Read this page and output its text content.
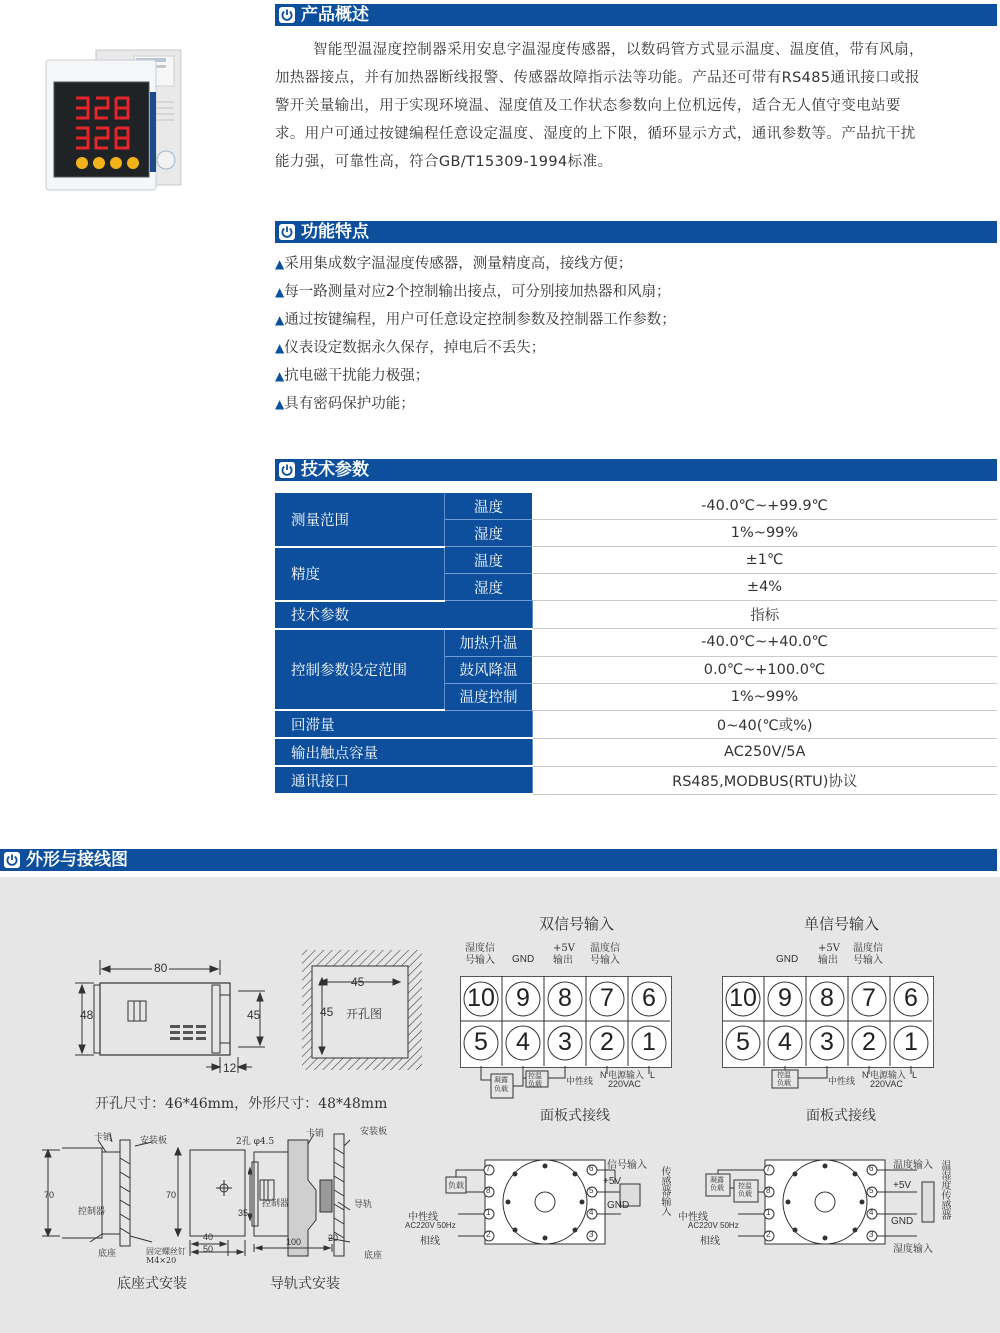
产品概述
智能型温湿度控制器采用安息字温湿度传感器，以数码管方式显示温度、温度值，带有风扇，
加热器接点，并有加热器断线报警、传感器故障指示法等功能。产品还可带有RS485通讯接口或报
警开关量输出，用于实现环境温、湿度值及工作状态参数向上位机远传，适合无人值守变电站要
求。用户可通过按键编程任意设定温度、湿度的上下限，循环显示方式，通讯参数等。产品抗干扰
能力强，可靠性高，符合GB/T15309-1994标准。
功能特点
▲采用集成数字温湿度传感器，测量精度高，接线方便；
▲每一路测量对应2个控制输出接点，可分别接加热器和风扇；
▲通过按键编程，用户可任意设定控制参数及控制器工作参数；
▲仪表设定数据永久保存，掉电后不丢失；
▲抗电磁干扰能力极强；
▲具有密码保护功能；
技术参数
测量范围	温度	-40.0℃~+99.9℃
	湿度	1%~99%
精度	温度	±1℃
	湿度	±4%
技术参数		指标
控制参数设定范围	加热升温	-40.0℃~+40.0℃
	鼓风降温	0.0℃~+100.0℃
	温度控制	1%~99%
回滞量		0~40(℃或%)
输出触点容量		AC250V/5A
通讯接口		RS485,MODBUS(RTU)协议
外形与接线图
80
48	45
12
45
45 开孔图
开孔尺寸：46*46mm，外形尺寸：48*48mm
卡销	安装板	2孔 φ4.5
卡销	安装板
70	70
控制器
控制器
35
导轨
底座	固定螺丝钉
M4×20
40
50
100	20
底座
底座式安装	导轨式安装
双信号输入
湿度信
号输入 GND
+5V
输出
温度信
号输入
10 9	8	7	6
5	4	3	2	1
凝露
负载
控温
负载	中性线
N 电源输入
220VAC
L
面板式接线
单信号输入
GND
+5V
输出
温度信
号输入
10 9	8	7	6
5	4	3	2	1
控温
负载	中性线
N 电源输入
220VAC
L
面板式接线
7
8
1
2
6
5
4
3
负载
中性线
AC220V 50Hz
相线
信号输入
+5V
GND	传感器输入	7
8
1
2
6
5
4
3
凝露
负载 控温
负载
中性线
AC220V 50Hz
相线
温度输入
+5V
GND
湿度输入
温湿度传感器
